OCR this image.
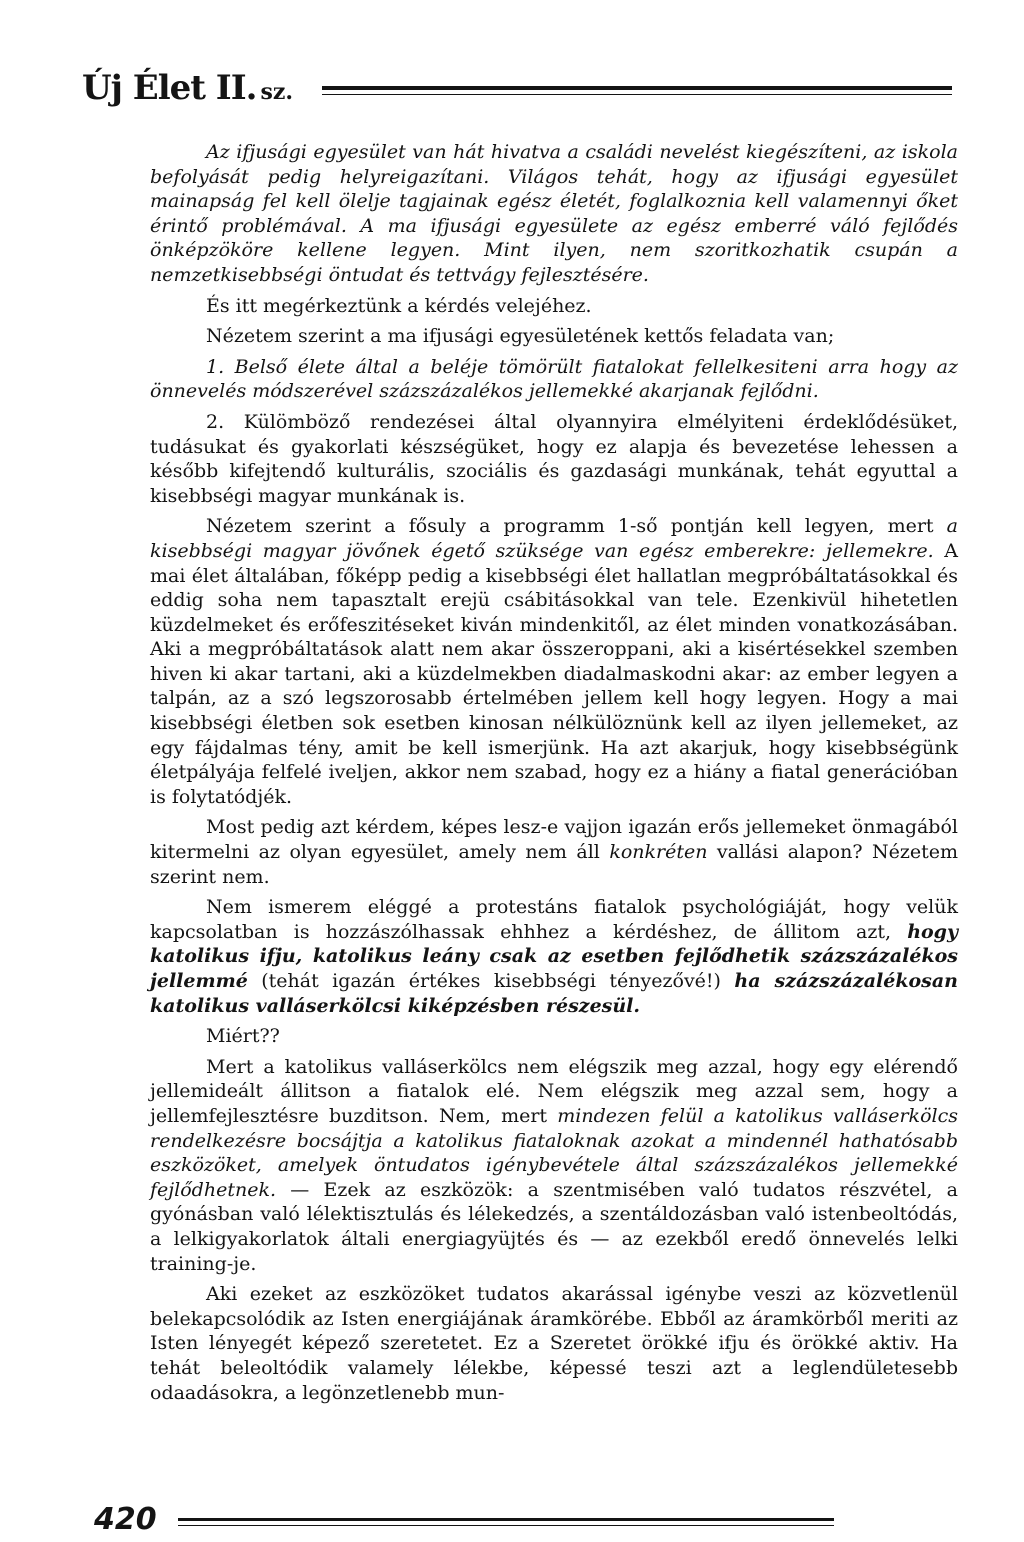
Új Élet II. sz.

Az ifjusági egyesület van hát hivatva a családi nevelést kiegészíteni, az iskola befolyását pedig helyreigazítani. Világos tehát, hogy az ifjusági egyesület mainapság fel kell ölelje tagjainak egész életét, foglalkoznia kell valamennyi őket érintő problémával. A ma ifjusági egyesülete az egész emberré váló fejlődés önképzököre kellene legyen. Mint ilyen, nem szoritkozhatik csupán a nemzetkisebbségi öntudat és tettvágy fejlesztésére.

És itt megérkeztünk a kérdés velejéhez.

Nézetem szerint a ma ifjusági egyesületének kettős feladata van;

1. Belső élete által a beléje tömörült fiatalokat fellelkesiteni arra hogy az önnevelés módszerével százszázalékos jellemekké akarjanak fejlődni.

2. Külömböző rendezései által olyannyira elmélyiteni érdeklődésüket, tudásukat és gyakorlati készségüket, hogy ez alapja és bevezetése lehessen a később kifejtendő kulturális, szociális és gazdasági munkának, tehát egyuttal a kisebbségi magyar munkának is.

Nézetem szerint a fősuly a programm 1-ső pontján kell legyen, mert a kisebbségi magyar jövőnek égető szüksége van egész emberekre: jellemekre. A mai élet általában, főképp pedig a kisebbségi élet hallatlan megpróbáltatásokkal és eddig soha nem tapasztalt erejü csábitásokkal van tele. Ezenkivül hihetetlen küzdelmeket és erőfeszitéseket kiván mindenkitől, az élet minden vonatkozásában. Aki a megpróbáltatások alatt nem akar összeroppani, aki a kisértésekkel szemben hiven ki akar tartani, aki a küzdelmekben diadalmaskodni akar: az ember legyen a talpán, az a szó legszorosabb értelmében jellem kell hogy legyen. Hogy a mai kisebbségi életben sok esetben kinosan nélkülöznünk kell az ilyen jellemeket, az egy fájdalmas tény, amit be kell ismerjünk. Ha azt akarjuk, hogy kisebbségünk életpályája felfelé iveljen, akkor nem szabad, hogy ez a hiány a fiatal generációban is folytatódjék.

Most pedig azt kérdem, képes lesz-e vajjon igazán erős jellemeket önmagából kitermelni az olyan egyesület, amely nem áll konkréten vallási alapon? Nézetem szerint nem.

Nem ismerem eléggé a protestáns fiatalok psychológiáját, hogy velük kapcsolatban is hozzászólhassak ehhhez a kérdéshez, de állitom azt, hogy katolikus ifju, katolikus leány csak az esetben fejlődhetik százszázalékos jellemmé (tehát igazán értékes kisebbségi tényezővé!) ha százszázalékosan katolikus valláserkölcsi kiképzésben részesül.

Miért??

Mert a katolikus valláserkölcs nem elégszik meg azzal, hogy egy elérendő jellemideált állitson a fiatalok elé. Nem elégszik meg azzal sem, hogy a jellemfejlesztésre buzditson. Nem, mert mindezen felül a katolikus valláserkölcs rendelkezésre bocsájtja a katolikus fiataloknak azokat a mindennél hathatósabb eszközöket, amelyek öntudatos igénybevétele által százszázalékos jellemekké fejlődhetnek. — Ezek az eszközök: a szentmisében való tudatos részvétel, a gyónásban való lélektisztulás és lélekedzés, a szentáldozásban való istenbeoltódás, a lelkigyakorlatok általi energiagyüjtés és — az ezekből eredő önnevelés lelki training-je.

Aki ezeket az eszközöket tudatos akarással igénybe veszi az közvetlenül belekapcsolódik az Isten energiájának áramkörébe. Ebből az áramkörből meriti az Isten lényegét képező szeretetet. Ez a Szeretet örökké ifju és örökké aktiv. Ha tehát beleoltódik valamely lélekbe, képessé teszi azt a leglendületesebb odaadásokra, a legönzetlenebb mun-

420
